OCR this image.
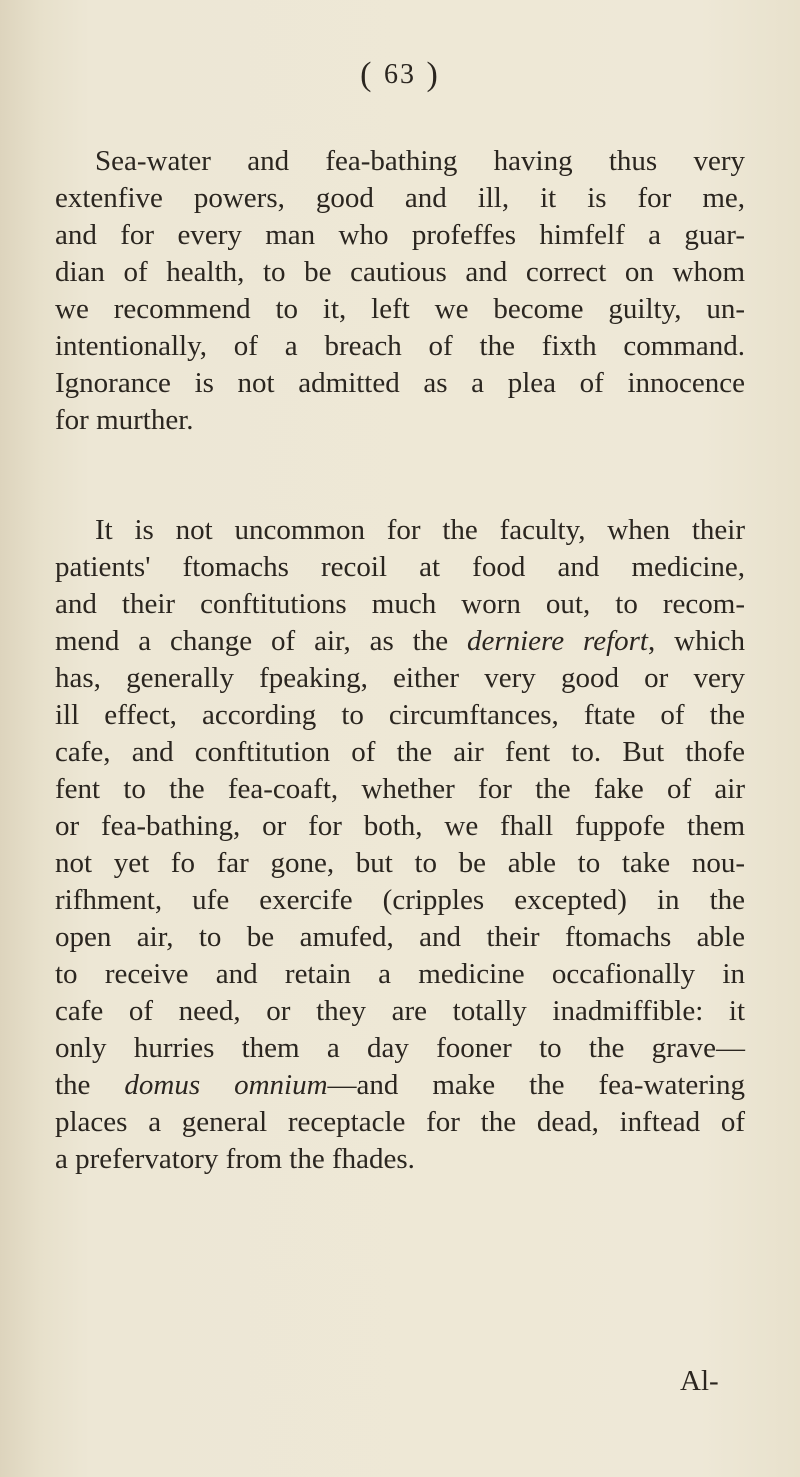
( 63 )
Sea-water and fea-bathing having thus very
extenfive powers, good and ill, it is for me,
and for every man who profeffes himfelf a guar-
dian of health, to be cautious and correct on whom
we recommend to it, left we become guilty, un-
intentionally, of a breach of the fixth command.
Ignorance is not admitted as a plea of innocence
for murther.
It is not uncommon for the faculty, when their
patients' ftomachs recoil at food and medicine,
and their conftitutions much worn out, to recom-
mend a change of air, as the derniere refort, which
has, generally fpeaking, either very good or very
ill effect, according to circumftances, ftate of the
cafe, and conftitution of the air fent to. But thofe
fent to the fea-coaft, whether for the fake of air
or fea-bathing, or for both, we fhall fuppofe them
not yet fo far gone, but to be able to take nou-
rifhment, ufe exercife (cripples excepted) in the
open air, to be amufed, and their ftomachs able
to receive and retain a medicine occafionally in
cafe of need, or they are totally inadmiffible: it
only hurries them a day fooner to the grave—
the domus omnium—and make the fea-watering
places a general receptacle for the dead, inftead of
a prefervatory from the fhades.
Al-
